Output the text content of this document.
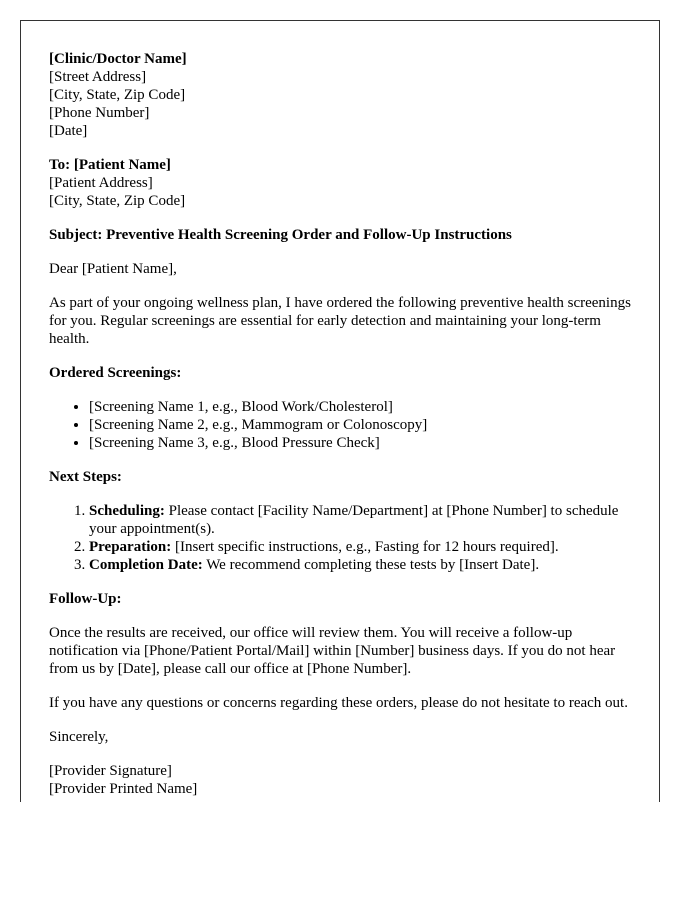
[Clinic/Doctor Name]
[Street Address]
[City, State, Zip Code]
[Phone Number]
[Date]
To: [Patient Name]
[Patient Address]
[City, State, Zip Code]

Subject: Preventive Health Screening Order and Follow-Up Instructions

Dear [Patient Name],

As part of your ongoing wellness plan, I have ordered the following preventive health screenings for you. Regular screenings are essential for early detection and maintaining your long-term health.

Ordered Screenings:

• [Screening Name 1, e.g., Blood Work/Cholesterol]
• [Screening Name 2, e.g., Mammogram or Colonoscopy]
• [Screening Name 3, e.g., Blood Pressure Check]

Next Steps:

1. Scheduling: Please contact [Facility Name/Department] at [Phone Number] to schedule your appointment(s).
2. Preparation: [Insert specific instructions, e.g., Fasting for 12 hours required].
3. Completion Date: We recommend completing these tests by [Insert Date].

Follow-Up:

Once the results are received, our office will review them. You will receive a follow-up notification via [Phone/Patient Portal/Mail] within [Number] business days. If you do not hear from us by [Date], please call our office at [Phone Number].

If you have any questions or concerns regarding these orders, please do not hesitate to reach out.

Sincerely,

[Provider Signature]
[Provider Printed Name]
